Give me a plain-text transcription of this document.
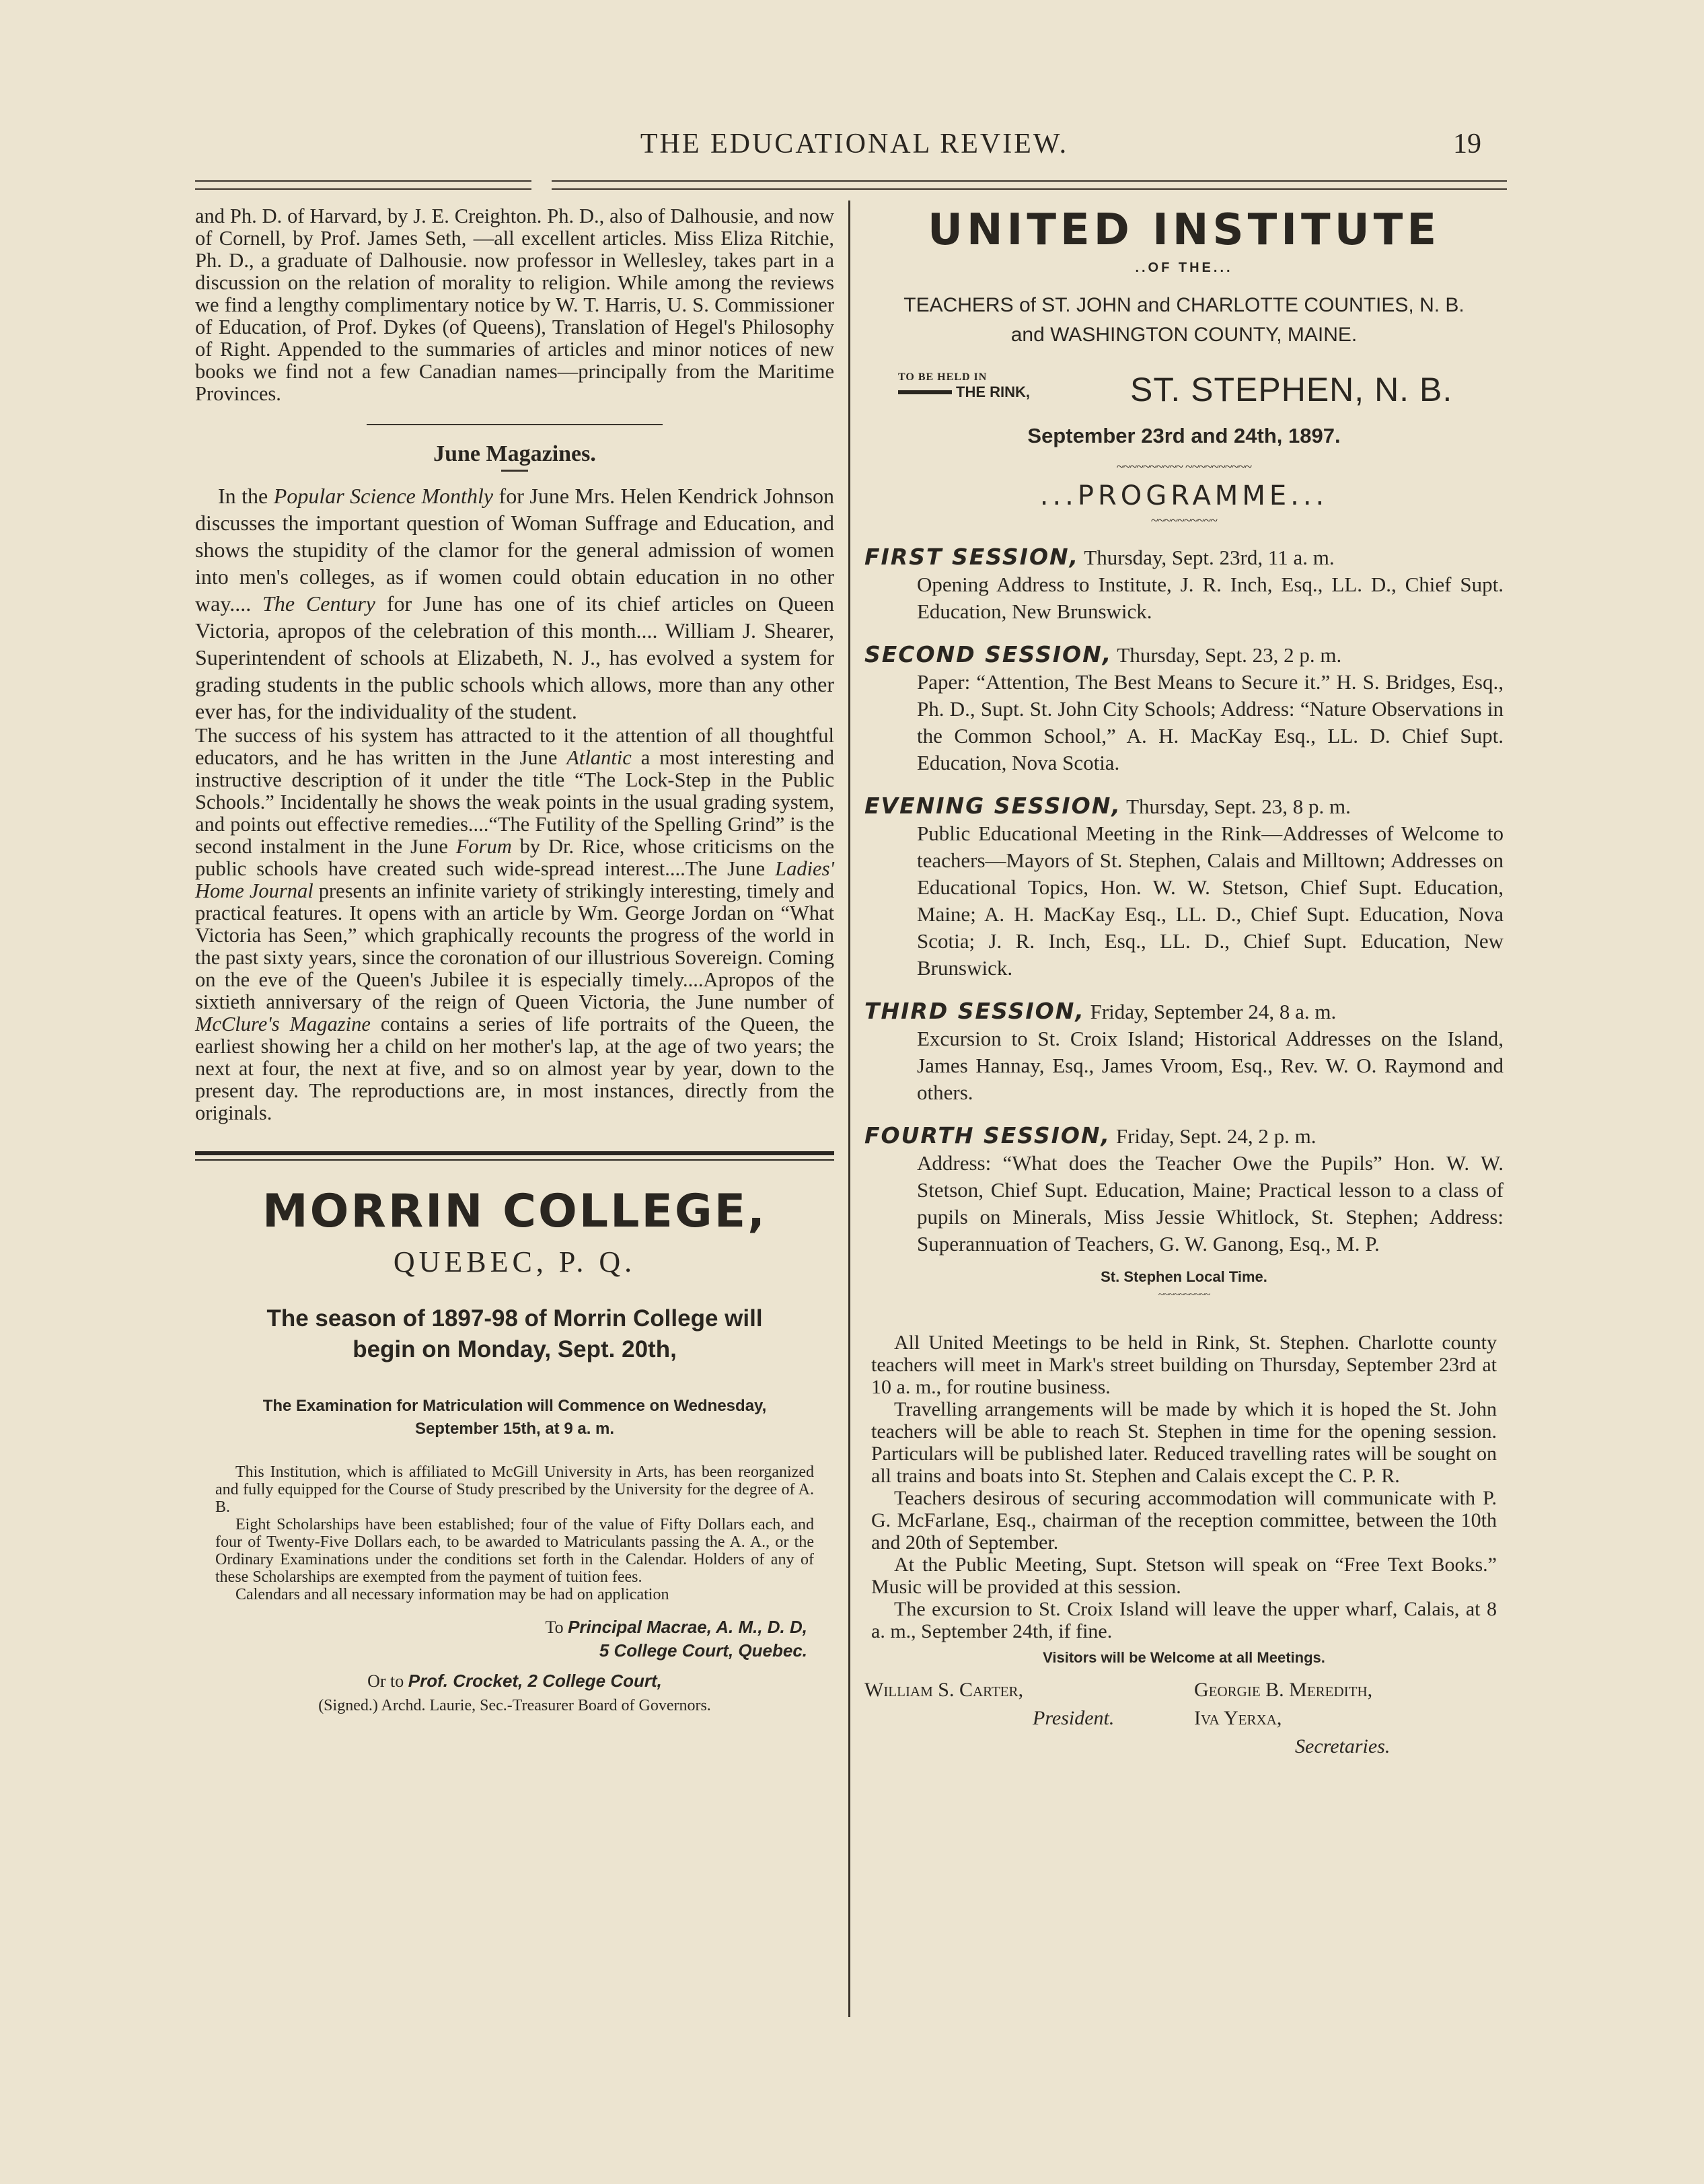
THE EDUCATIONAL REVIEW.	19

and Ph. D. of Harvard, by J. E. Creighton. Ph. D., also of Dalhousie, and now of Cornell, by Prof. James Seth, —all excellent articles. Miss Eliza Ritchie, Ph. D., a graduate of Dalhousie. now professor in Wellesley, takes part in a discussion on the relation of morality to religion. While among the reviews we find a lengthy complimentary notice by W. T. Harris, U. S. Commissioner of Education, of Prof. Dykes (of Queens), Translation of Hegel's Philosophy of Right. Appended to the summaries of articles and minor notices of new books we find not a few Canadian names—principally from the Maritime Provinces.

June Magazines.

In the Popular Science Monthly for June Mrs. Helen Kendrick Johnson discusses the important question of Woman Suffrage and Education, and shows the stupidity of the clamor for the general admission of women into men's colleges, as if women could obtain education in no other way.... The Century for June has one of its chief articles on Queen Victoria, apropos of the celebration of this month.... William J. Shearer, Superintendent of schools at Elizabeth, N. J., has evolved a system for grading students in the public schools which allows, more than any other ever has, for the individuality of the student.

The success of his system has attracted to it the attention of all thoughtful educators, and he has written in the June Atlantic a most interesting and instructive description of it under the title “The Lock-Step in the Public Schools.” Incidentally he shows the weak points in the usual grading system, and points out effective remedies....“The Futility of the Spelling Grind” is the second instalment in the June Forum by Dr. Rice, whose criticisms on the public schools have created such wide-spread interest....The June Ladies' Home Journal presents an infinite variety of strikingly interesting, timely and practical features. It opens with an article by Wm. George Jordan on “What Victoria has Seen,” which graphically recounts the progress of the world in the past sixty years, since the coronation of our illustrious Sovereign. Coming on the eve of the Queen's Jubilee it is especially timely....Apropos of the sixtieth anniversary of the reign of Queen Victoria, the June number of McClure's Magazine contains a series of life portraits of the Queen, the earliest showing her a child on her mother's lap, at the age of two years; the next at four, the next at five, and so on almost year by year, down to the present day. The reproductions are, in most instances, directly from the originals.

MORRIN COLLEGE,
QUEBEC, P. Q.
The season of 1897-98 of Morrin College will begin on Monday, Sept. 20th,
The Examination for Matriculation will Commence on Wednesday, September 15th, at 9 a. m.

This Institution, which is affiliated to McGill University in Arts, has been reorganized and fully equipped for the Course of Study prescribed by the University for the degree of A. B.

Eight Scholarships have been established; four of the value of Fifty Dollars each, and four of Twenty-Five Dollars each, to be awarded to Matriculants passing the A. A., or the Ordinary Examinations under the conditions set forth in the Calendar. Holders of any of these Scholarships are exempted from the payment of tuition fees.

Calendars and all necessary information may be had on application

To Principal Macrae, A. M., D. D,
5 College Court, Quebec.
Or to Prof. Crocket, 2 College Court,
(Signed.) Archd. Laurie, Sec.-Treasurer Board of Governors.
UNITED INSTITUTE
..OF THE...
TEACHERS of ST. JOHN and CHARLOTTE COUNTIES, N. B.
and WASHINGTON COUNTY, MAINE.
TO BE HELD IN
THE RINK,	ST. STEPHEN, N. B.
September 23rd and 24th, 1897.
~~~~~~~~~~ ~~~~~~~~~~
...PROGRAMME...
~~~~~~~~~~

FIRST SESSION, Thursday, Sept. 23rd, 11 a. m.

Opening Address to Institute, J. R. Inch, Esq., LL. D., Chief Supt. Education, New Brunswick.

SECOND SESSION, Thursday, Sept. 23, 2 p. m.

Paper: “Attention, The Best Means to Secure it.” H. S. Bridges, Esq., Ph. D., Supt. St. John City Schools; Address: “Nature Observations in the Common School,” A. H. MacKay Esq., LL. D. Chief Supt. Education, Nova Scotia.

EVENING SESSION, Thursday, Sept. 23, 8 p. m.

Public Educational Meeting in the Rink—Addresses of Welcome to teachers—Mayors of St. Stephen, Calais and Milltown; Addresses on Educational Topics, Hon. W. W. Stetson, Chief Supt. Education, Maine; A. H. MacKay Esq., LL. D., Chief Supt. Education, Nova Scotia; J. R. Inch, Esq., LL. D., Chief Supt. Education, New Brunswick.

THIRD SESSION, Friday, September 24, 8 a. m.

Excursion to St. Croix Island; Historical Addresses on the Island, James Hannay, Esq., James Vroom, Esq., Rev. W. O. Raymond and others.

FOURTH SESSION, Friday, Sept. 24, 2 p. m.

Address: “What does the Teacher Owe the Pupils” Hon. W. W. Stetson, Chief Supt. Education, Maine; Practical lesson to a class of pupils on Minerals, Miss Jessie Whitlock, St. Stephen; Address: Superannuation of Teachers, G. W. Ganong, Esq., M. P.

St. Stephen Local Time.
~~~~~~~~~~

All United Meetings to be held in Rink, St. Stephen. Charlotte county teachers will meet in Mark's street building on Thursday, September 23rd at 10 a. m., for routine business.

Travelling arrangements will be made by which it is hoped the St. John teachers will be able to reach St. Stephen in time for the opening session. Particulars will be published later. Reduced travelling rates will be sought on all trains and boats into St. Stephen and Calais except the C. P. R.

Teachers desirous of securing accommodation will communicate with P. G. McFarlane, Esq., chairman of the reception committee, between the 10th and 20th of September.

At the Public Meeting, Supt. Stetson will speak on “Free Text Books.” Music will be provided at this session.

The excursion to St. Croix Island will leave the upper wharf, Calais, at 8 a. m., September 24th, if fine.

Visitors will be Welcome at all Meetings.
William S. Carter,
President.
Georgie B. Meredith,
Iva Yerxa,
Secretaries.
